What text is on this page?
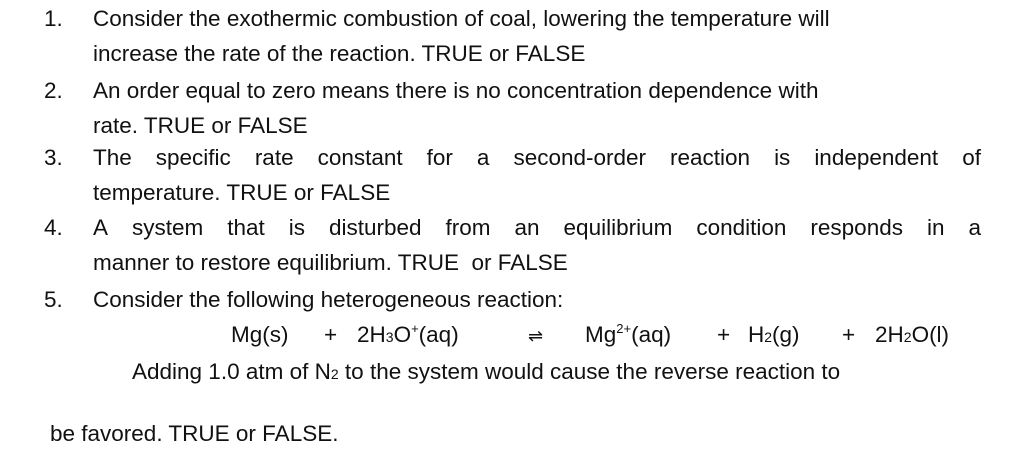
1. Consider the exothermic combustion of coal, lowering the temperature will
increase the rate of the reaction. TRUE or FALSE
2. An order equal to zero means there is no concentration dependence with
rate. TRUE or FALSE
3. The specific rate constant for a second-order reaction is independent of
temperature. TRUE or FALSE
4. A system that is disturbed from an equilibrium condition responds in a
manner to restore equilibrium. TRUE  or FALSE
5. Consider the following heterogeneous reaction:
Mg(s) + 2H3O+(aq)	⇌ $Mg^{2+}(aq) + H2(g) + 2H2O(l)$
Adding 1.0 atm of N2 to the system would cause the reverse reaction to
be favored. TRUE or FALSE.
